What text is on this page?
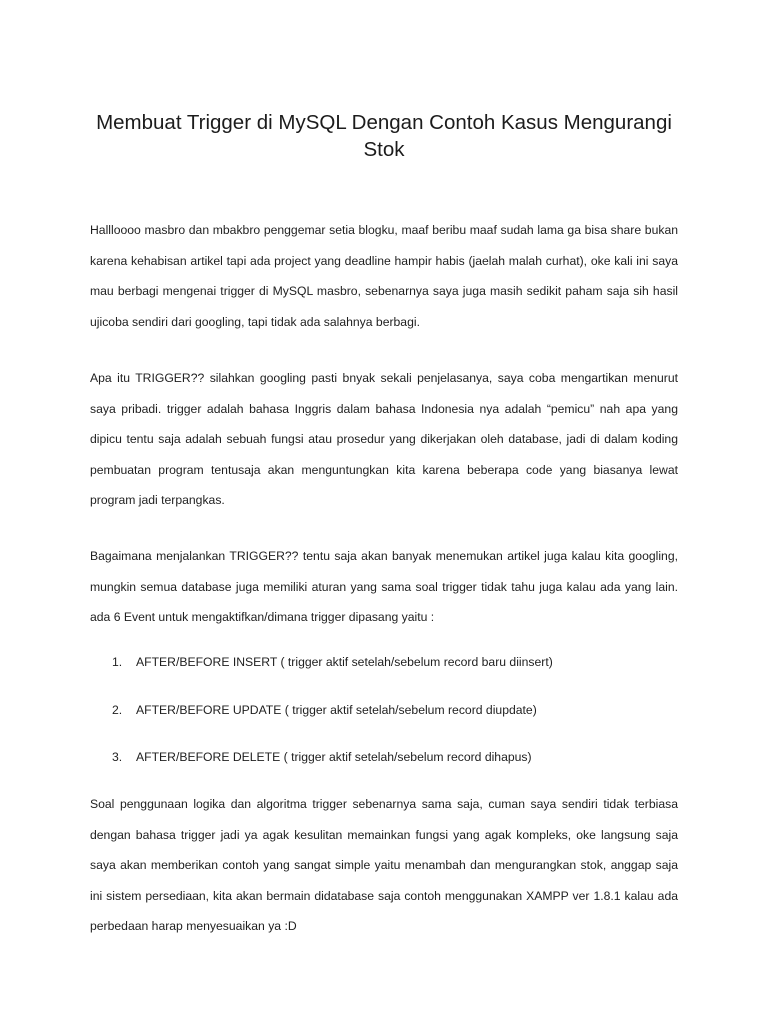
Membuat Trigger di MySQL Dengan Contoh Kasus Mengurangi Stok

Hallloooo masbro dan mbakbro penggemar setia blogku, maaf beribu maaf sudah lama ga bisa share bukan karena kehabisan artikel tapi ada project yang deadline hampir habis (jaelah malah curhat), oke kali ini saya mau berbagi mengenai trigger di MySQL masbro, sebenarnya saya juga masih sedikit paham saja sih hasil ujicoba sendiri dari googling, tapi tidak ada salahnya berbagi.

Apa itu TRIGGER?? silahkan googling pasti bnyak sekali penjelasanya, saya coba mengartikan menurut saya pribadi. trigger adalah bahasa Inggris dalam bahasa Indonesia nya adalah “pemicu” nah apa yang dipicu tentu saja adalah sebuah fungsi atau prosedur yang dikerjakan oleh database, jadi di dalam koding pembuatan program tentusaja akan menguntungkan kita karena beberapa code yang biasanya lewat program jadi terpangkas.

Bagaimana menjalankan TRIGGER?? tentu saja akan banyak menemukan artikel juga kalau kita googling, mungkin semua database juga memiliki aturan yang sama soal trigger tidak tahu juga kalau ada yang lain. ada 6 Event untuk mengaktifkan/dimana trigger dipasang yaitu :

1.	AFTER/BEFORE INSERT ( trigger aktif setelah/sebelum record baru diinsert)
2.	AFTER/BEFORE UPDATE ( trigger aktif setelah/sebelum record diupdate)
3.	AFTER/BEFORE DELETE ( trigger aktif setelah/sebelum record dihapus)

Soal penggunaan logika dan algoritma trigger sebenarnya sama saja, cuman saya sendiri tidak terbiasa dengan bahasa trigger jadi ya agak kesulitan memainkan fungsi yang agak kompleks, oke langsung saja saya akan memberikan contoh yang sangat simple yaitu menambah dan mengurangkan stok, anggap saja ini sistem persediaan, kita akan bermain didatabase saja contoh menggunakan XAMPP ver 1.8.1 kalau ada perbedaan harap menyesuaikan ya :D
